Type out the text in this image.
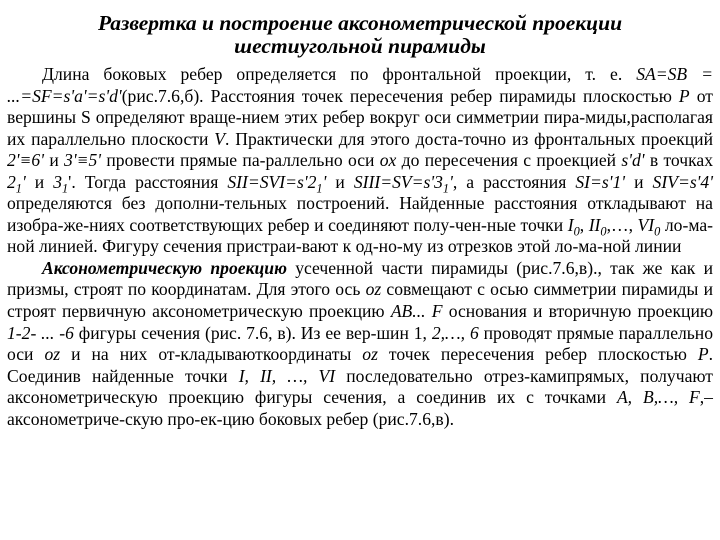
Развертка и построение аксонометрической проекции
шестиугольной пирамиды

Длина боковых ребер определяется по фронтальной проекции, т. е. SA=SB = ...=SF=s'a'=s'd'(рис.7.6,б). Расстояния точек пересечения ребер пирамиды плоскостью P от вершины S определяют враще-нием этих ребер вокруг оси симметрии пира-миды,располагая их параллельно плоскости V. Практически для этого доста-точно из фронтальных проекций 2'≡6' и 3'≡5' провести прямые па-раллельно оси ox до пересечения с проекцией s'd' в точках $2_1'$ и $3_1'$. Тогда расстояния $SII=SVI=s'2_1'$ и $SIII=SV=s'3_1'$, а расстояния SI=s'1' и SIV=s'4' определяются без дополни-тельных построений. Найденные расстояния откладывают на изобра-же-ниях соответствующих ребер и соединяют полу-чен-ные точки $I_0$, $II_0,\dots$, $VI_0$ ло-ма-ной линией. Фигуру сечения пристраи-вают к од-но-му из отрезков этой ло-ма-ной линии

Аксонометрическую проекцию усеченной части пирамиды (рис.7.6,в)., так же как и призмы, строят по координатам. Для этого ось oz совмещают с осью симметрии пирамиды и строят первичную аксонометрическую проекцию AB... F основания и вторичную проекцию 1-2- ... -6 фигуры сечения (рис. 7.6, в). Из ее вер-шин 1, 2,…, 6 проводят прямые параллельно оси oz и на них от-кладываюткоординаты oz точек пересечения ребер плоскостью P. Соединив найденные точки I, II, …, VI последовательно отрез-камипрямых, получают аксонометрическую проекцию фигуры сечения, а соединив их с точками A, B,…, F,– аксонометриче-скую про-ек-цию боковых ребер (рис.7.6,в).
